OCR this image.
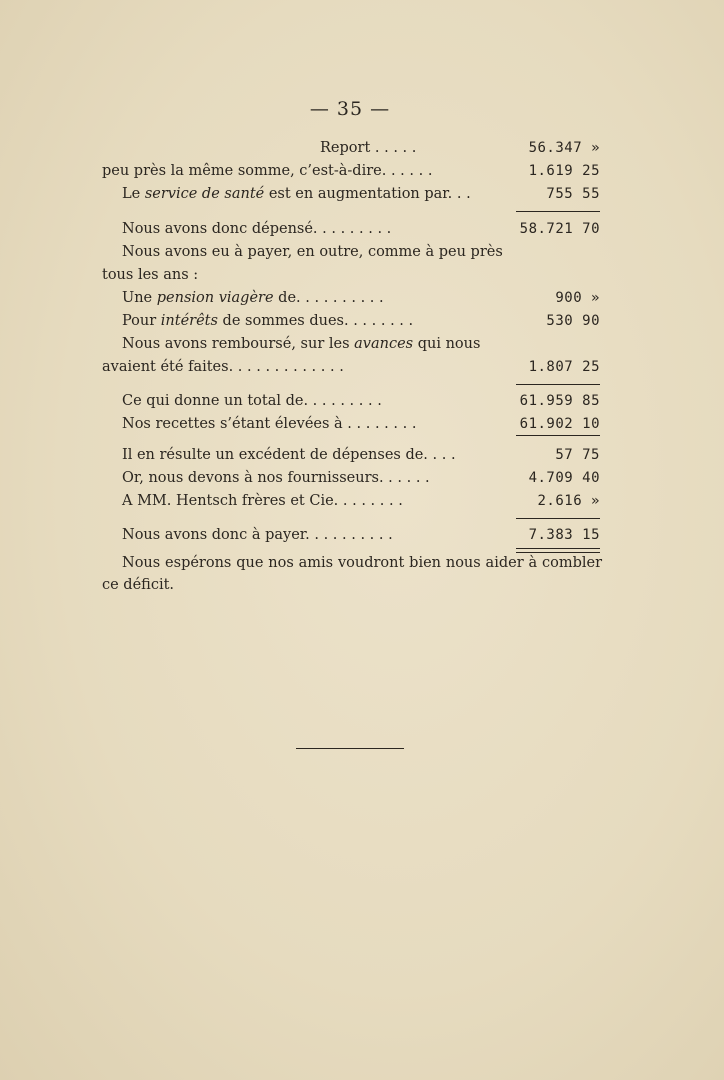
— 35 —
Report . . . . .	56.347 »
peu près la même somme, c’est-à-dire. . . . . .	1.619 25
Le service de santé est en augmentation par. . .	755 55
Nous avons donc dépensé. . . . . . . . .	58.721 70
Nous avons eu à payer, en outre, comme à peu près
tous les ans :
Une pension viagère de. . . . . . . . . .	900 »
Pour intérêts de sommes dues. . . . . . . .	530 90
Nous avons remboursé, sur les avances qui nous
avaient été faites. . . . . . . . . . . . .	1.807 25
Ce qui donne un total de. . . . . . . . .	61.959 85
Nos recettes s’étant élevées à . . . . . . . .	61.902 10
Il en résulte un excédent de dépenses de. . . .	57 75
Or, nous devons à nos fournisseurs. . . . . .	4.709 40
A MM. Hentsch frères et Cie. . . . . . . .	2.616 »
Nous avons donc à payer. . . . . . . . . .	7.383 15
Nous espérons que nos amis voudront bien nous aider à combler ce déficit.
